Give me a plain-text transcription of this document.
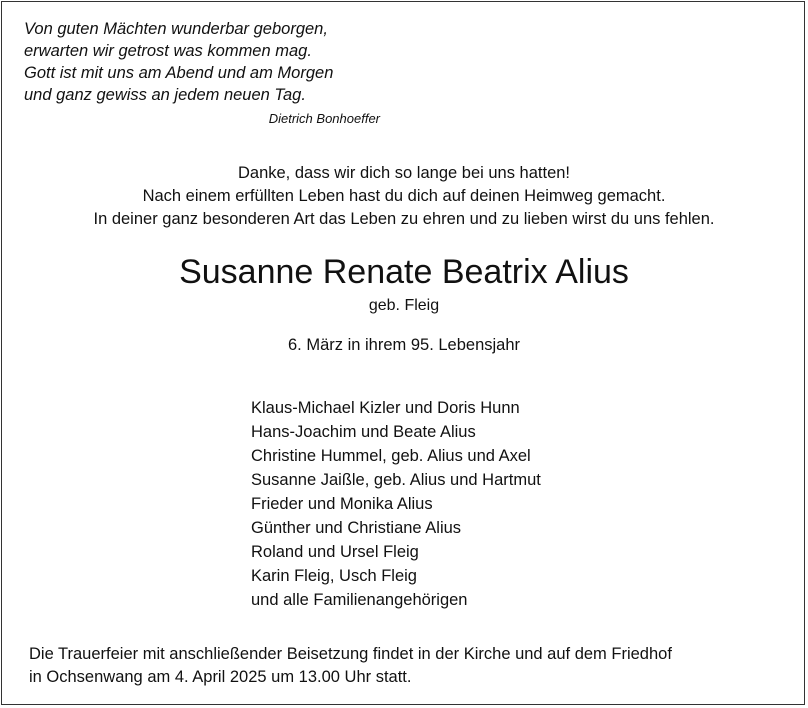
Von guten Mächten wunderbar geborgen,
erwarten wir getrost was kommen mag.
Gott ist mit uns am Abend und am Morgen
und ganz gewiss an jedem neuen Tag.
Dietrich Bonhoeffer
Danke, dass wir dich so lange bei uns hatten!
Nach einem erfüllten Leben hast du dich auf deinen Heimweg gemacht.
In deiner ganz besonderen Art das Leben zu ehren und zu lieben wirst du uns fehlen.
Susanne Renate Beatrix Alius
geb. Fleig
6. März in ihrem 95. Lebensjahr
Klaus-Michael Kizler und Doris Hunn
Hans-Joachim und Beate Alius
Christine Hummel, geb. Alius und Axel
Susanne Jaißle, geb. Alius und Hartmut
Frieder und Monika Alius
Günther und Christiane Alius
Roland und Ursel Fleig
Karin Fleig, Usch Fleig
und alle Familienangehörigen
Die Trauerfeier mit anschließender Beisetzung findet in der Kirche und auf dem Friedhof
in Ochsenwang am 4. April 2025 um 13.00 Uhr statt.
